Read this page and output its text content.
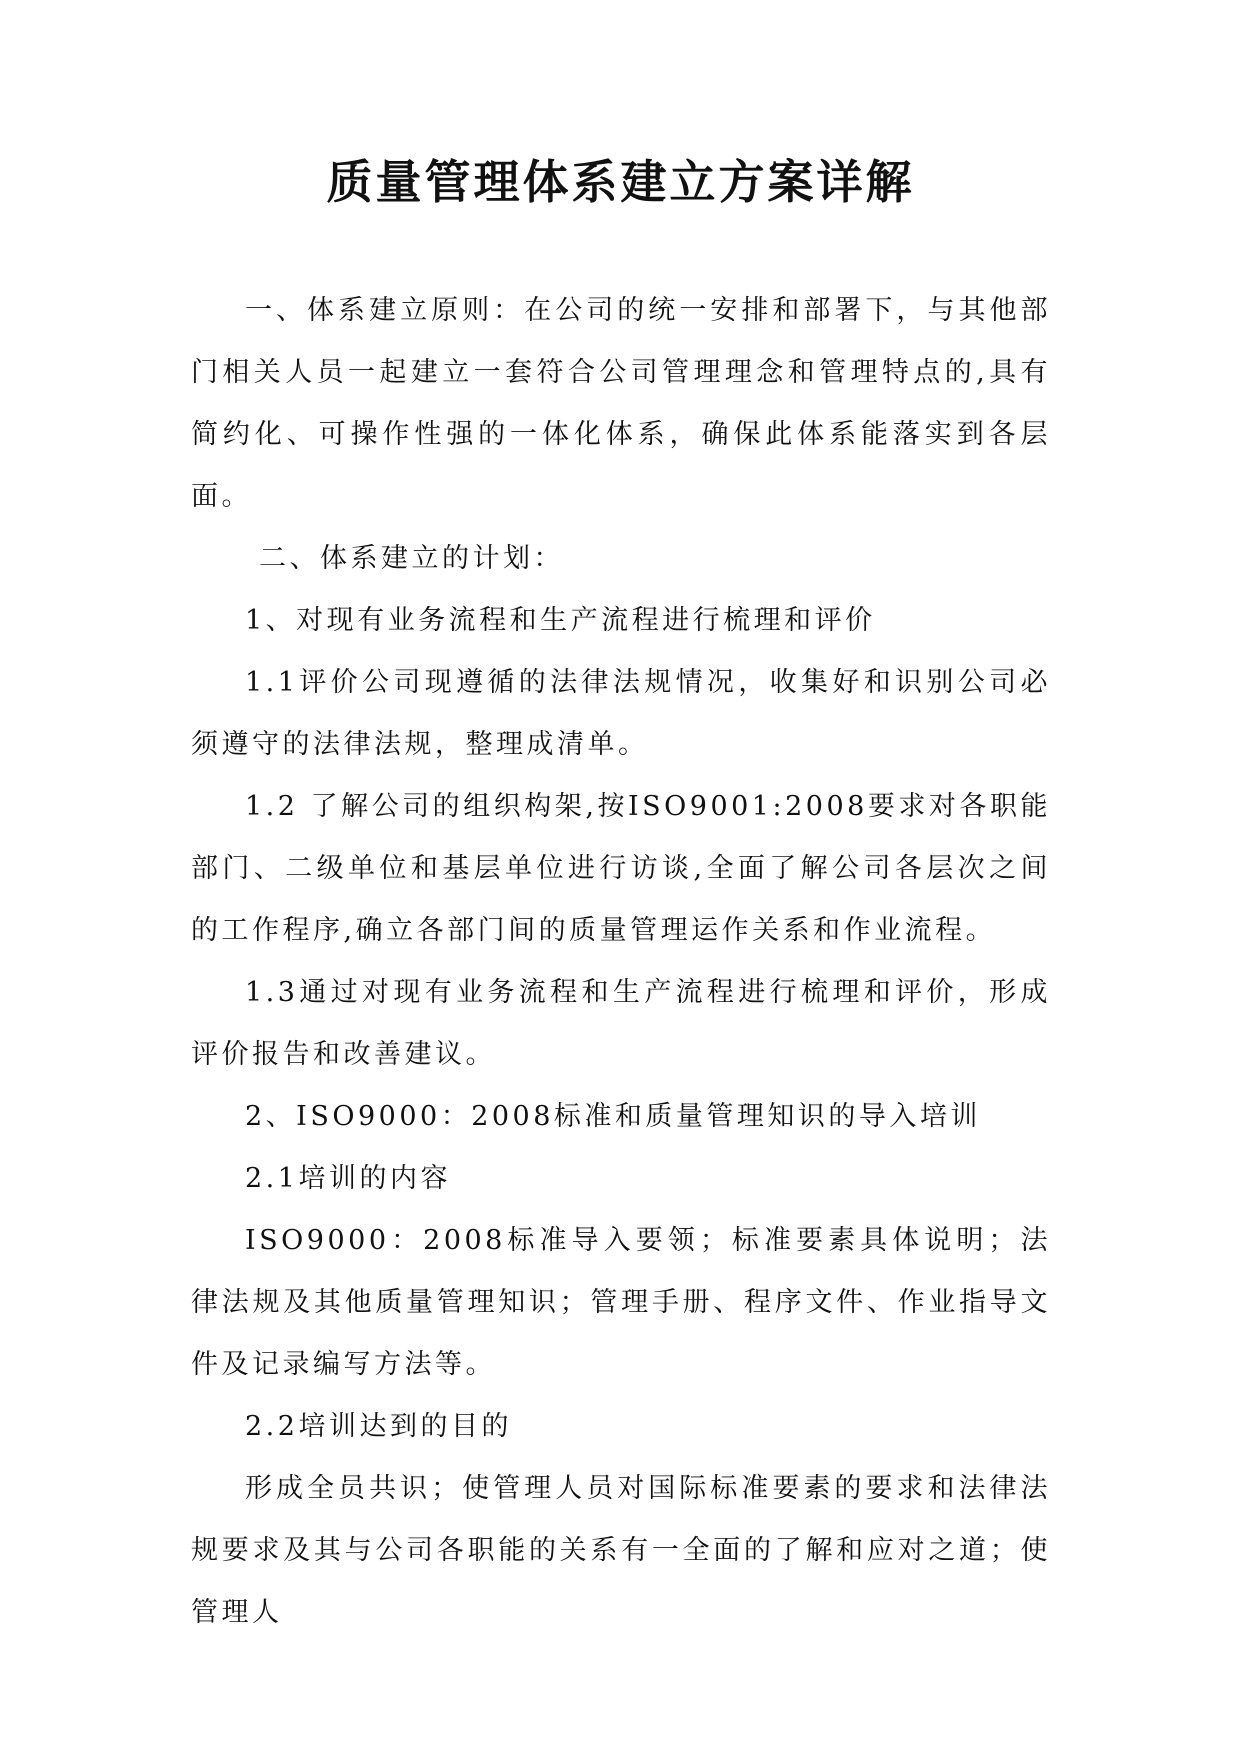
质量管理体系建立方案详解

一、体系建立原则：在公司的统一安排和部署下，与其他部门相关人员一起建立一套符合公司管理理念和管理特点的,具有简约化、可操作性强的一体化体系，确保此体系能落实到各层面。

二、体系建立的计划：

1、对现有业务流程和生产流程进行梳理和评价

1.1评价公司现遵循的法律法规情况，收集好和识别公司必须遵守的法律法规，整理成清单。

1.2 了解公司的组织构架,按ISO9001:2008要求对各职能部门、二级单位和基层单位进行访谈,全面了解公司各层次之间的工作程序,确立各部门间的质量管理运作关系和作业流程。

1.3通过对现有业务流程和生产流程进行梳理和评价，形成评价报告和改善建议。

2、ISO9000：2008标准和质量管理知识的导入培训

2.1培训的内容

ISO9000：2008标准导入要领；标准要素具体说明；法律法规及其他质量管理知识；管理手册、程序文件、作业指导文件及记录编写方法等。

2.2培训达到的目的

形成全员共识；使管理人员对国际标准要素的要求和法律法规要求及其与公司各职能的关系有一全面的了解和应对之道；使管理人
